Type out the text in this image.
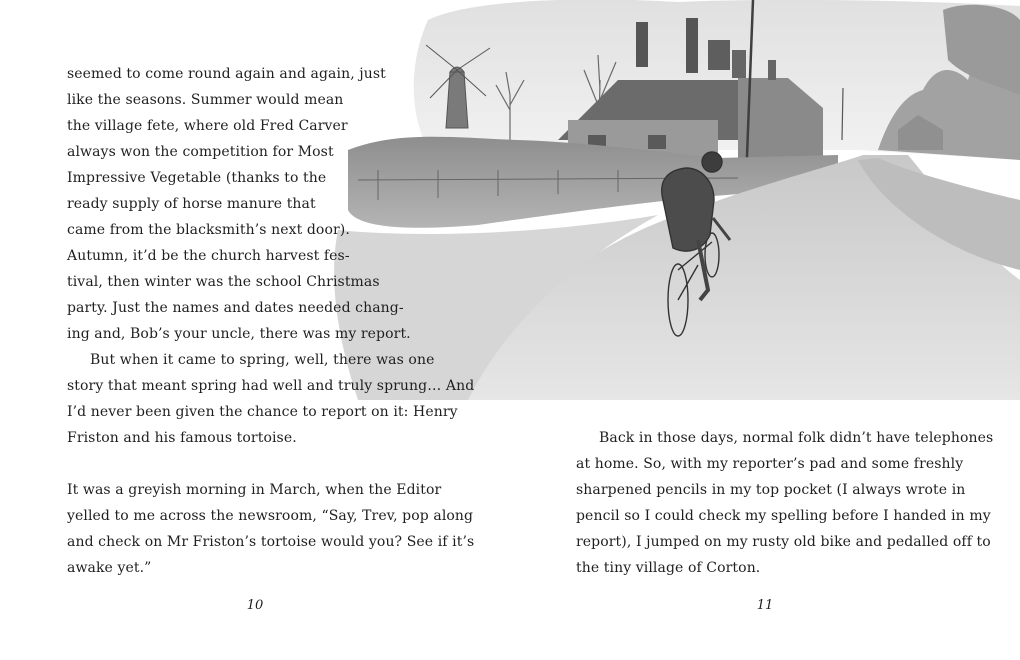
seemed to come round again and again, just
like the seasons. Summer would mean
the village fete, where old Fred Carver
always won the competition for Most
Impressive Vegetable (thanks to the
ready supply of horse manure that
came from the blacksmith’s next door).
Autumn, it’d be the church harvest fes-
tival, then winter was the school Christmas
party. Just the names and dates needed chang-
ing and, Bob’s your uncle, there was my report.
But when it came to spring, well, there was one
story that meant spring had well and truly sprung… And
I’d never been given the chance to report on it: Henry
Friston and his famous tortoise.
It was a greyish morning in March, when the Editor
yelled to me across the newsroom, “Say, Trev, pop along
and check on Mr Friston’s tortoise would you? See if it’s
awake yet.”
10
Back in those days, normal folk didn’t have telephones
at home. So, with my reporter’s pad and some freshly
sharpened pencils in my top pocket (I always wrote in
pencil so I could check my spelling before I handed in my
report), I jumped on my rusty old bike and pedalled off to
the tiny village of Corton.
11
